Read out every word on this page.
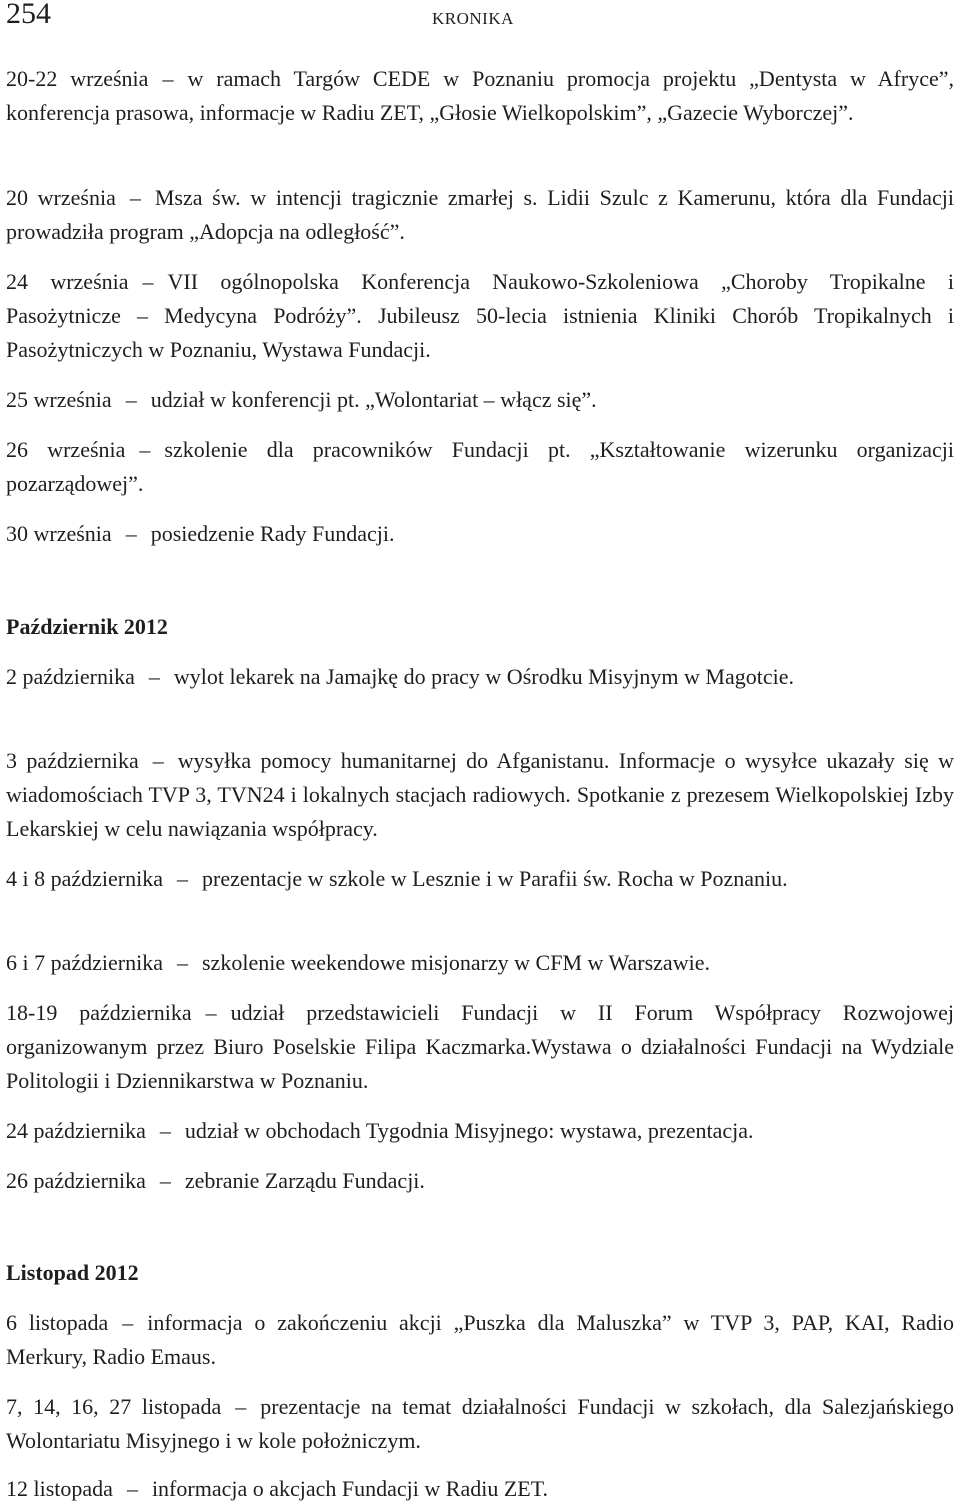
254	KRONIKA

20-22 września – w ramach Targów CEDE w Poznaniu promocja projektu „Dentysta w Afryce”, konferencja prasowa, informacje w Radiu ZET, „Głosie Wielkopolskim”, „Gazecie Wyborczej”.

20 września – Msza św. w intencji tragicznie zmarłej s. Lidii Szulc z Kamerunu, która dla Fundacji prowadziła program „Adopcja na odległość”.

24 września – VII ogólnopolska Konferencja Naukowo-Szkoleniowa „Choroby Tropikalne i Pasożytnicze – Medycyna Podróży”. Jubileusz 50-lecia istnienia Kliniki Chorób Tropikalnych i Pasożytniczych w Poznaniu, Wystawa Fundacji.

25 września – udział w konferencji pt. „Wolontariat – włącz się”.

26 września – szkolenie dla pracowników Fundacji pt. „Kształtowanie wizerunku organizacji pozarządowej”.

30 września – posiedzenie Rady Fundacji.

Październik 2012

2 października – wylot lekarek na Jamajkę do pracy w Ośrodku Misyjnym w Magotcie.

3 października – wysyłka pomocy humanitarnej do Afganistanu. Informacje o wysyłce ukazały się w wiadomościach TVP 3, TVN24 i lokalnych stacjach radiowych. Spotkanie z prezesem Wielkopolskiej Izby Lekarskiej w celu nawiązania współpracy.

4 i 8 października – prezentacje w szkole w Lesznie i w Parafii św. Rocha w Poznaniu.

6 i 7 października – szkolenie weekendowe misjonarzy w CFM w Warszawie.

18-19 października – udział przedstawicieli Fundacji w II Forum Współpracy Rozwojowej organizowanym przez Biuro Poselskie Filipa Kaczmarka.Wystawa o działalności Fundacji na Wydziale Politologii i Dziennikarstwa w Poznaniu.

24 października – udział w obchodach Tygodnia Misyjnego: wystawa, prezentacja.

26 października – zebranie Zarządu Fundacji.

Listopad 2012

6 listopada – informacja o zakończeniu akcji „Puszka dla Maluszka” w TVP 3, PAP, KAI, Radio Merkury, Radio Emaus.

7, 14, 16, 27 listopada – prezentacje na temat działalności Fundacji w szkołach, dla Salezjańskiego Wolontariatu Misyjnego i w kole położniczym.

12 listopada – informacja o akcjach Fundacji w Radiu ZET.
